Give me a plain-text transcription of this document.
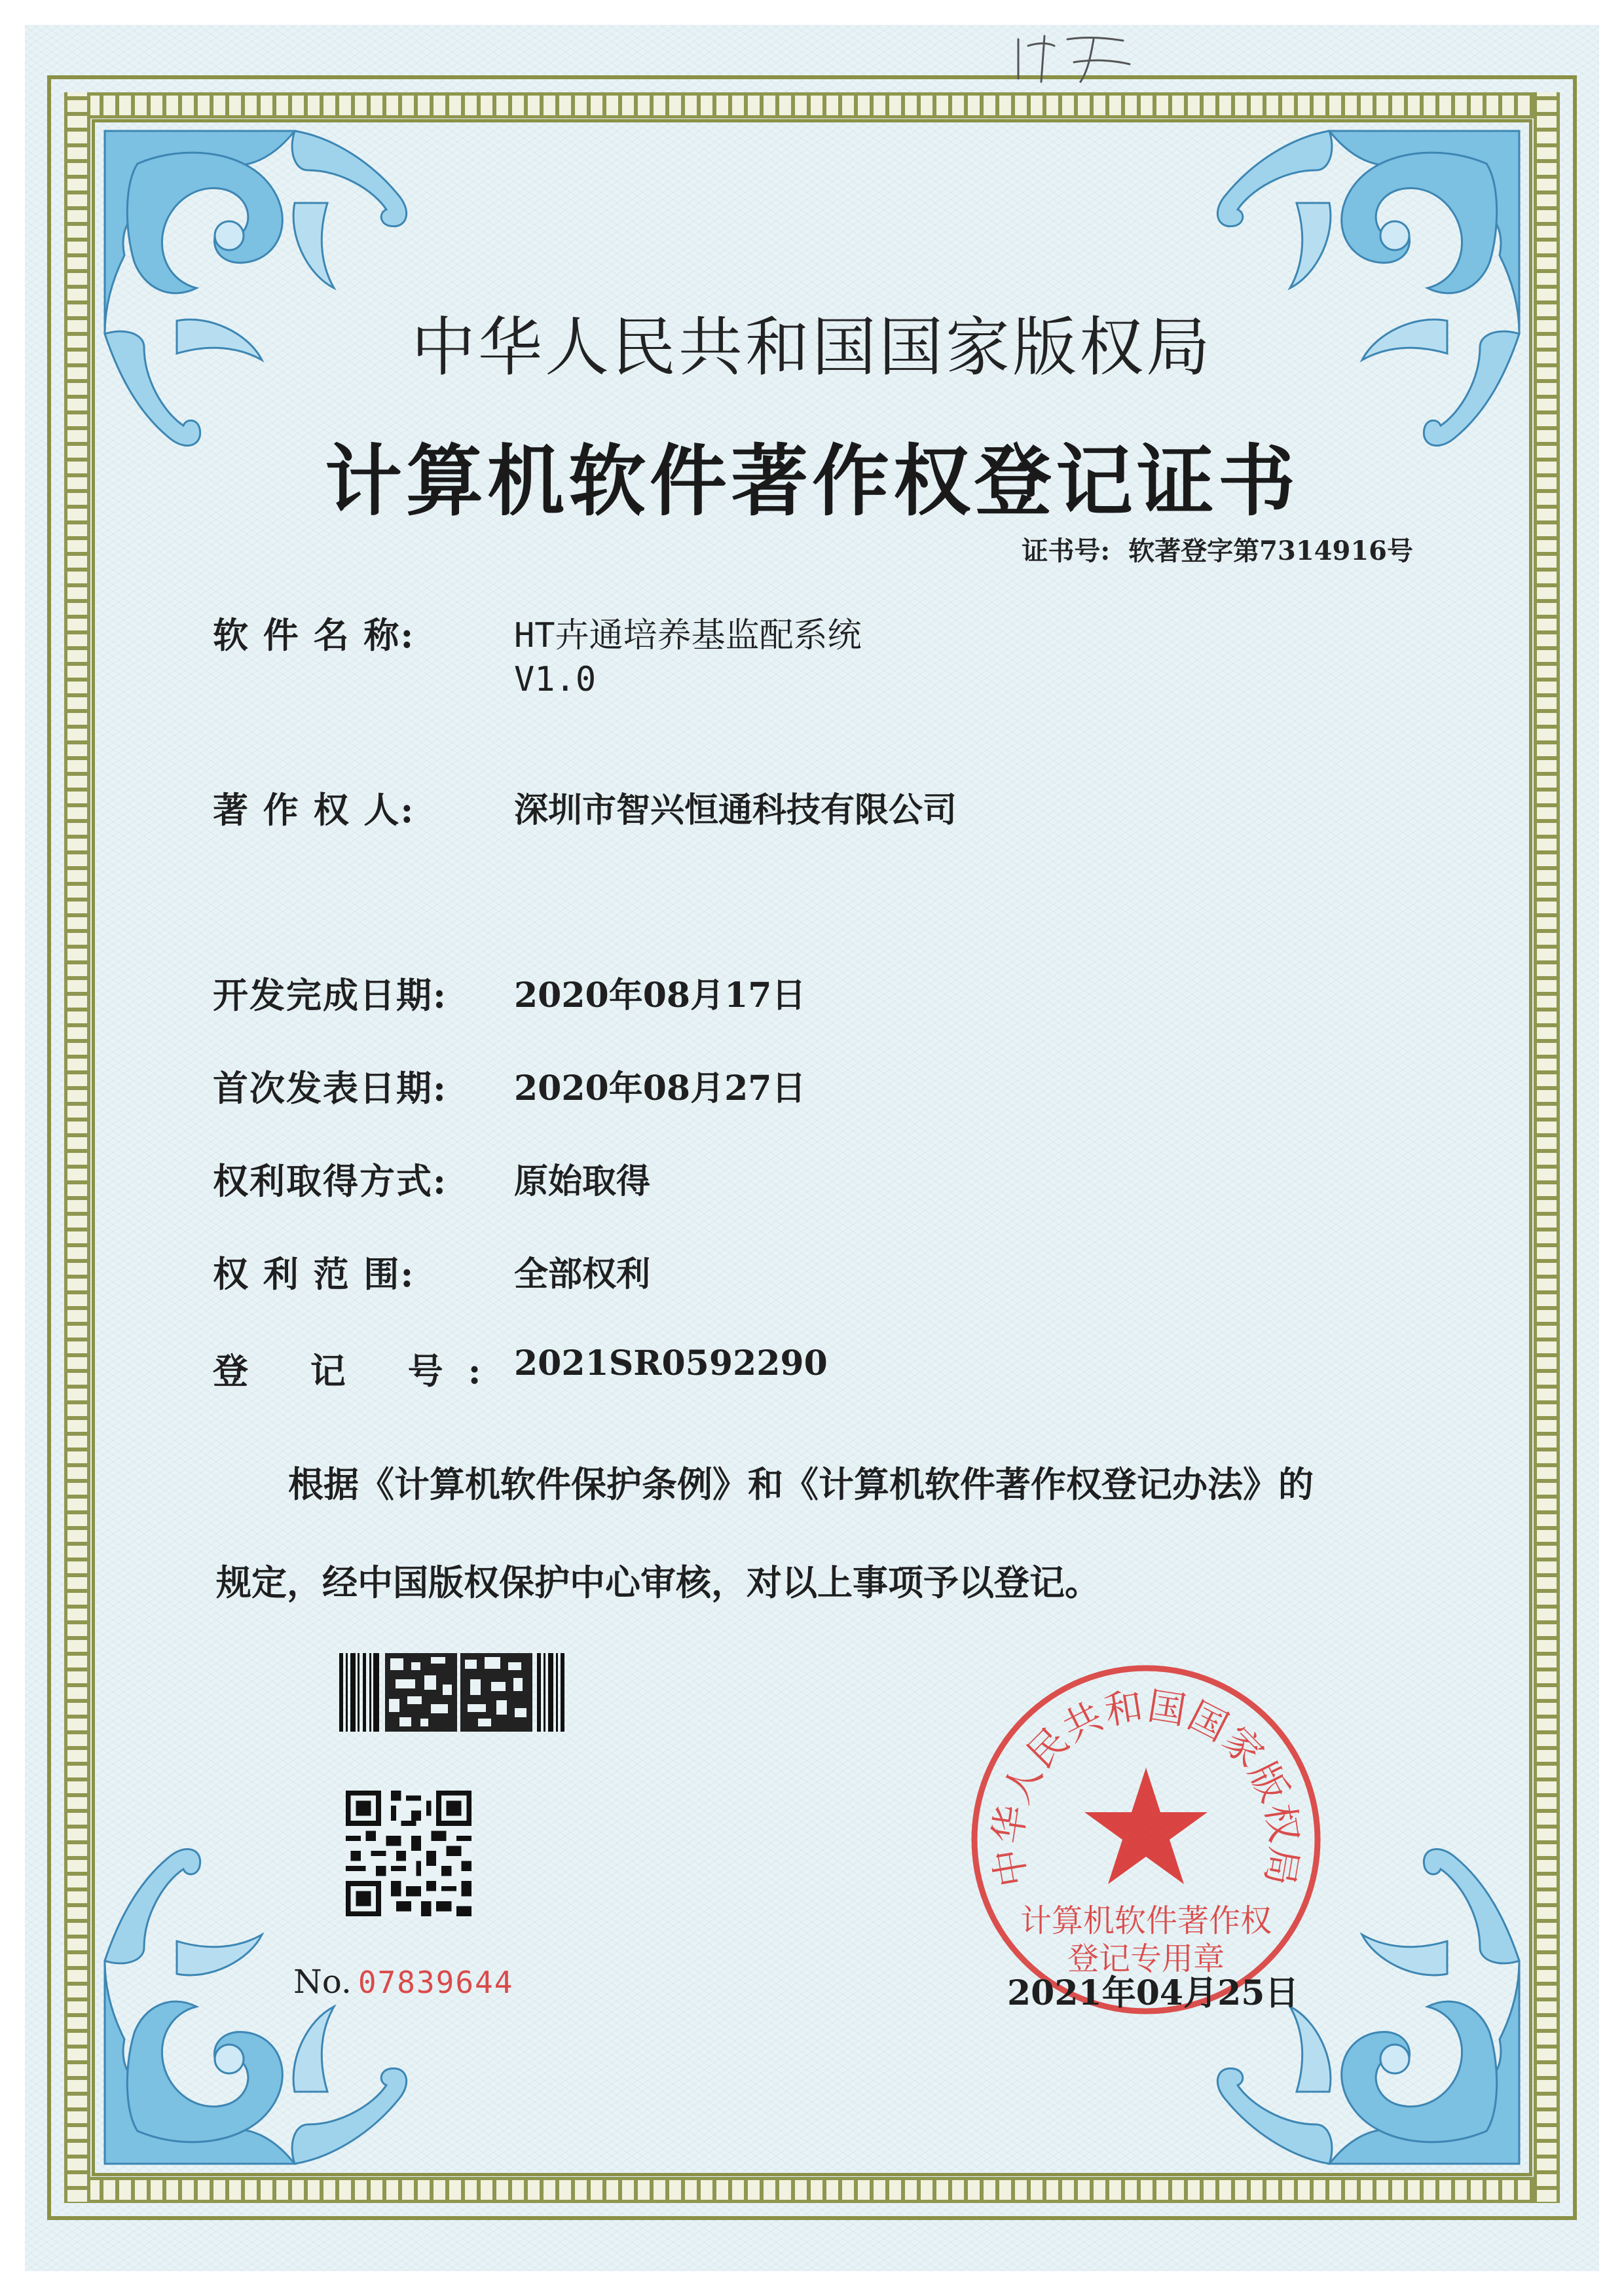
中华人民共和国国家版权局
计算机软件著作权登记证书
证书号: 软著登字第7314916号
软 件 名 称:	HT卉通培养基监配系统
V1.0
著 作 权 人:	深圳市智兴恒通科技有限公司
开发完成日期: 2020年08月17日
首次发表日期: 2020年08月27日
权利取得方式: 原始取得
权 利 范 围:	全部权利
登 记 号: 2021SR0592290
根据《计算机软件保护条例》和《计算机软件著作权登记办法》的
规定，经中国版权保护中心审核，对以上事项予以登记。
No. 07839644
中华人民共和国国家版权局
计算机软件著作权
登记专用章
2021年04月25日
